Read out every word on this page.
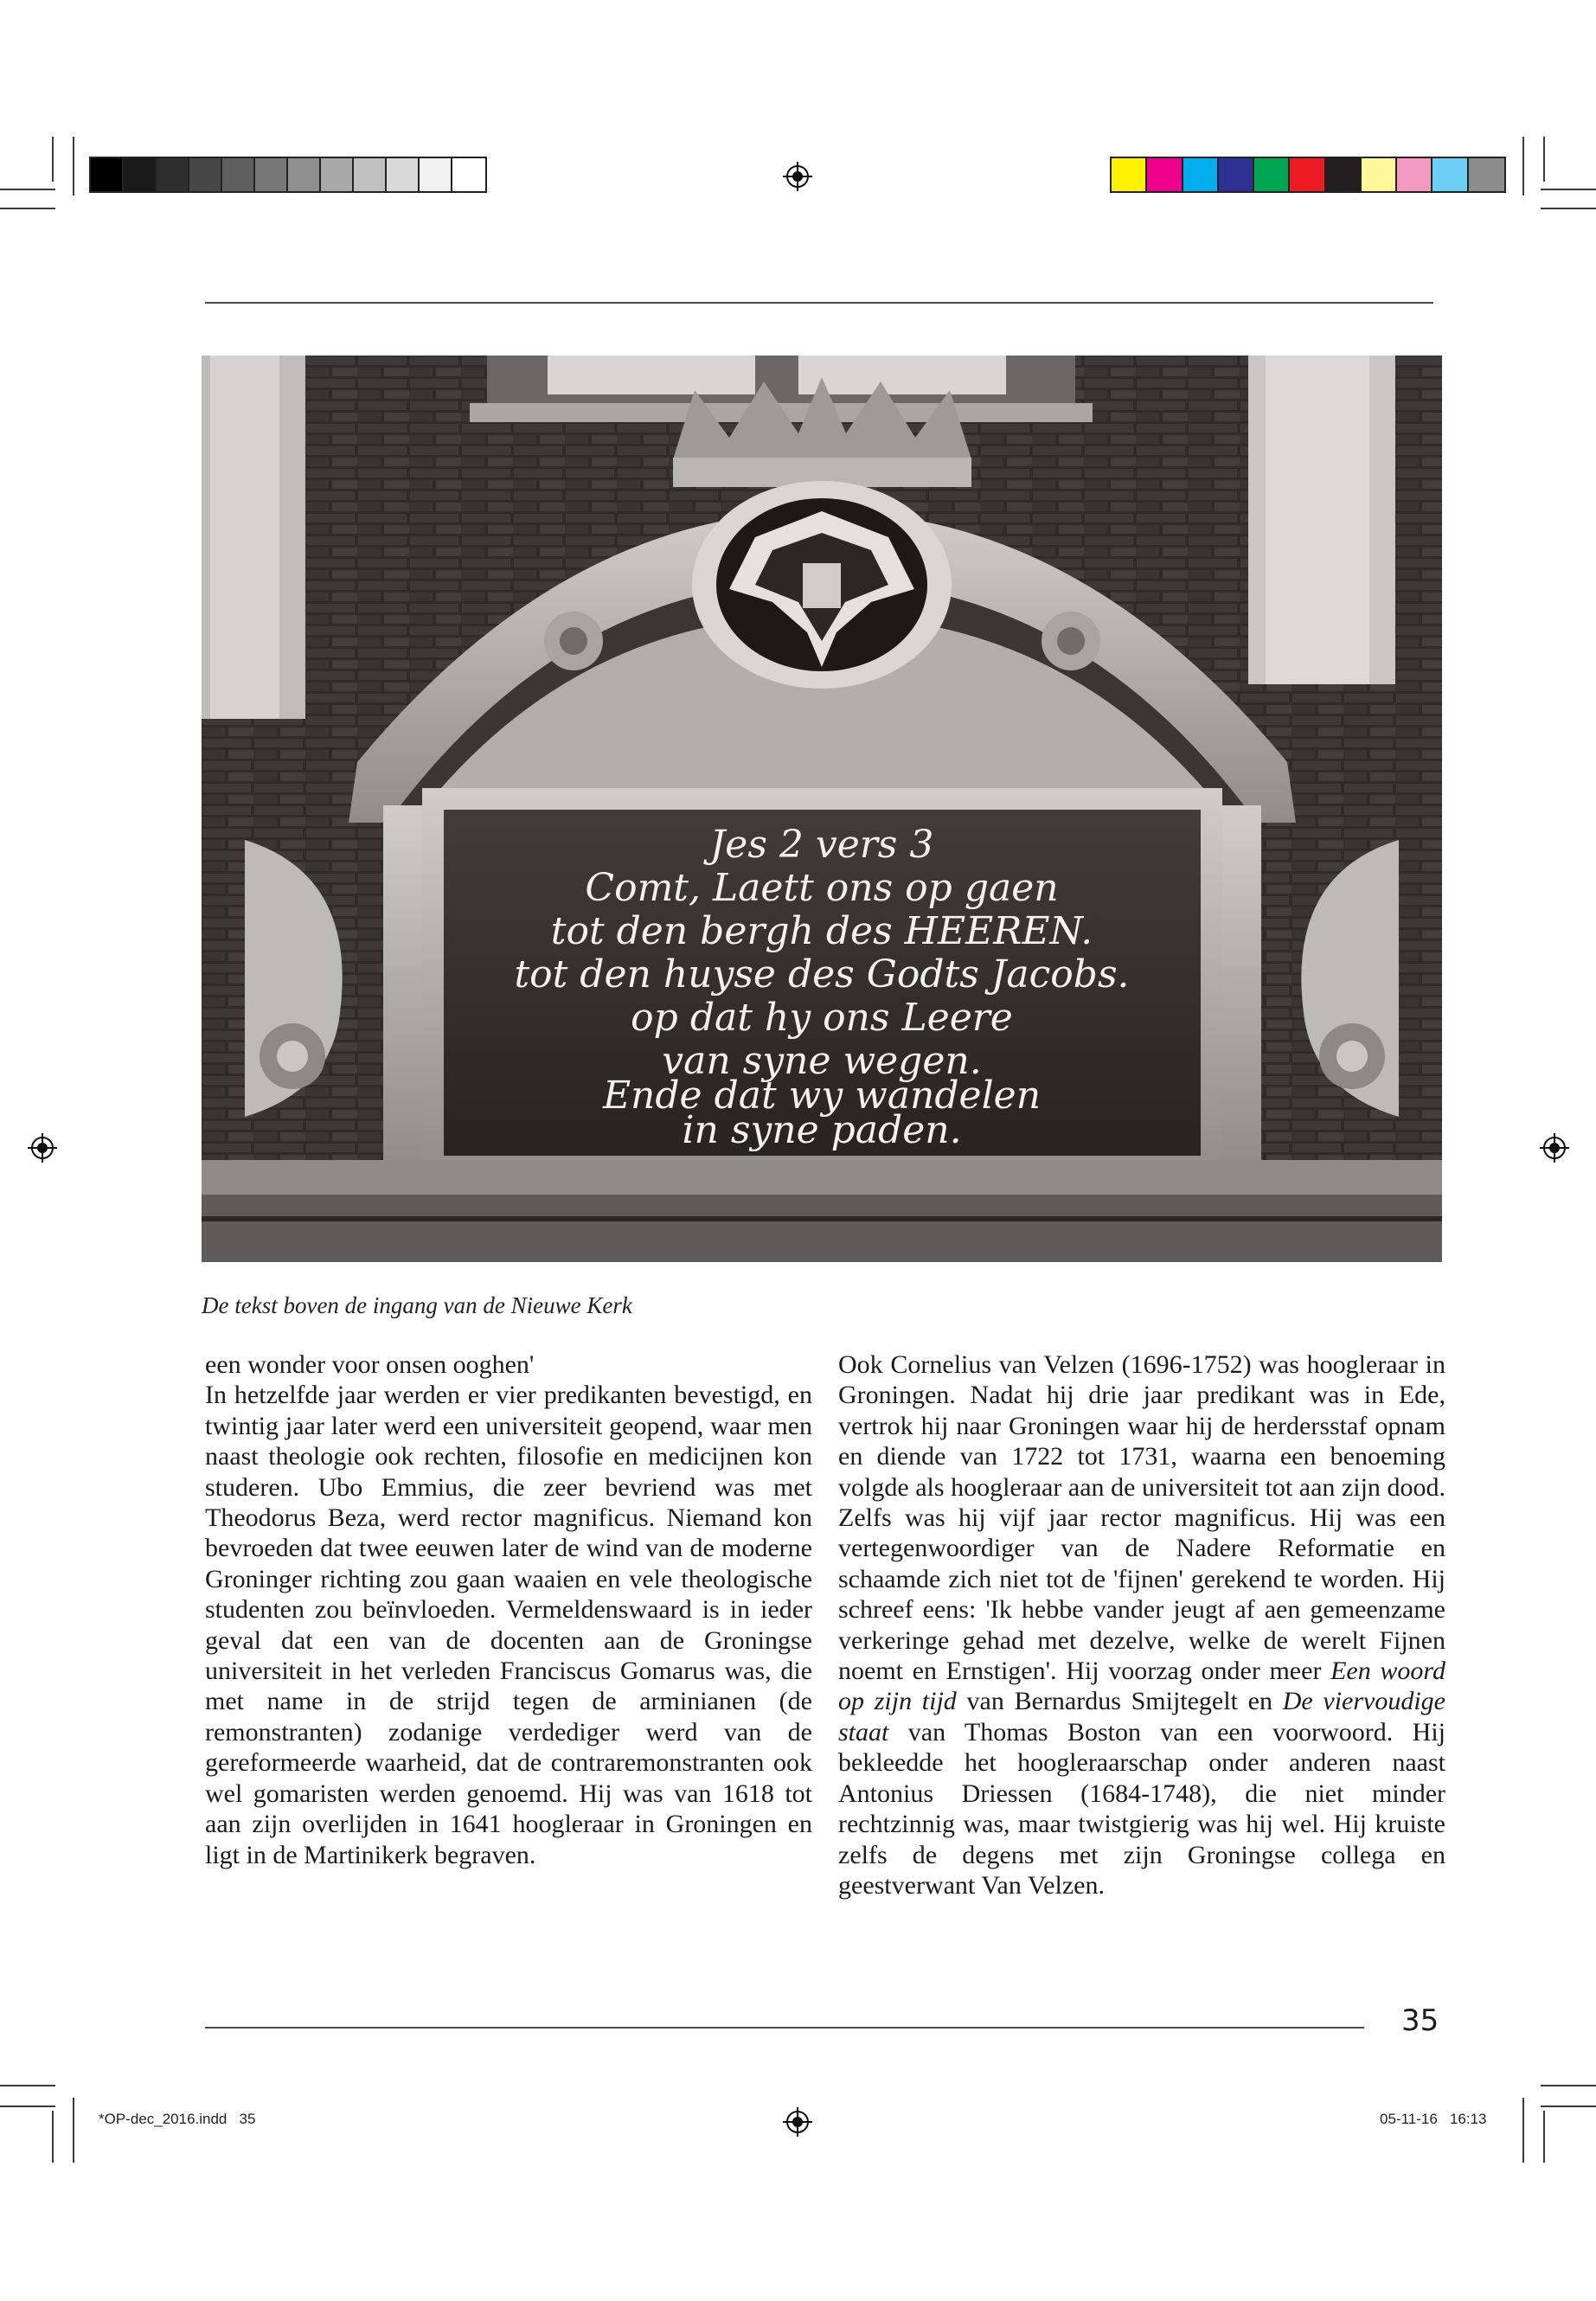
Jes 2 vers 3
Comt, Laett ons op gaen
tot den bergh des HEEREN.
tot den huyse des Godts Jacobs.
op dat hy ons Leere
van syne wegen.
Ende dat wy wandelen
in syne paden.
De tekst boven de ingang van de Nieuwe Kerk

een wonder voor onsen ooghen'

In hetzelfde jaar werden er vier predikanten bevestigd, en twintig jaar later werd een universiteit geopend, waar men naast theologie ook rechten, filosofie en medicijnen kon studeren. Ubo Emmius, die zeer bevriend was met Theodorus Beza, werd rector magnificus. Niemand kon bevroeden dat twee eeuwen later de wind van de moderne Groninger richting zou gaan waaien en vele theologische studenten zou beïnvloeden. Vermeldenswaard is in ieder geval dat een van de docenten aan de Groningse universiteit in het verleden Franciscus Gomarus was, die met name in de strijd tegen de arminianen (de remonstranten) zodanige verdediger werd van de gereformeerde waarheid, dat de contraremonstranten ook wel gomaristen werden genoemd. Hij was van 1618 tot aan zijn overlijden in 1641 hoogleraar in Groningen en ligt in de Martinikerk begraven.

Ook Cornelius van Velzen (1696-1752) was hoogleraar in Groningen. Nadat hij drie jaar predikant was in Ede, vertrok hij naar Groningen waar hij de herdersstaf opnam en diende van 1722 tot 1731, waarna een benoeming volgde als hoogleraar aan de universiteit tot aan zijn dood. Zelfs was hij vijf jaar rector magnificus. Hij was een vertegenwoordiger van de Nadere Reformatie en schaamde zich niet tot de 'fijnen' gerekend te worden. Hij schreef eens: 'Ik hebbe vander jeugt af aen gemeenzame verkeringe gehad met dezelve, welke de werelt Fijnen noemt en Ernstigen'. Hij voorzag onder meer Een woord op zijn tijd van Bernardus Smijtegelt en De viervoudige staat van Thomas Boston van een voorwoord. Hij bekleedde het hoogleraarschap onder anderen naast Antonius Driessen (1684-1748), die niet minder rechtzinnig was, maar twistgierig was hij wel. Hij kruiste zelfs de degens met zijn Groningse collega en geestverwant Van Velzen.

35
*OP-dec_2016.indd   35	05-11-16   16:13
